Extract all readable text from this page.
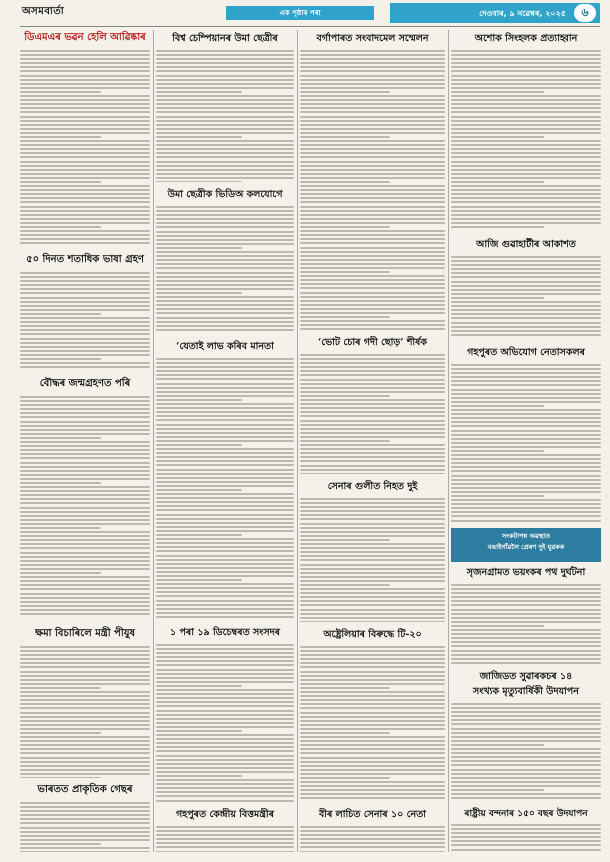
অসমবাৰ্তা	এক পৃষ্ঠাৰ পৰা	দেওবাৰ, ৯ নৱেম্বৰ, ২০২৫	৬
ডিএমএৰ ভৱন হেলি আৱিষ্কাৰ
৫০ দিনত শতাধিক ভাষা গ্ৰহণ
বৌদ্ধৰ জন্মগ্ৰহণত পৰি
ক্ষমা বিচাৰিলে মন্ত্ৰী পীযুষ
ভাৰতত প্ৰাকৃতিক গেছৰ
বিশ্ব চেম্পিয়ানৰ উমা ছেত্ৰীৰ
উমা ছেত্ৰীক ভিডিঅ কলযোগে
‘যেতাই লাভ কৰিব মানতা
১ পৰা ১৯ ডিচেম্বৰত সংসদৰ
গহপুৰত কেন্দ্ৰীয় বিত্তমন্ত্ৰীৰ
বৰ্গাপাৰত সংবাদমেল সম্মেলন
‘ভোট চোৰ গদী ছোড়’ শীৰ্ষক
সেনাৰ গুলীত নিহত দুই
অষ্ট্ৰেলিয়াৰ বিৰুদ্ধে টি-২০
বীৰ লাচিত সেনাৰ ১০ নেতা
অশোক সিংহলক প্ৰত্যাহ্বান
আজি গুৱাহাটীৰ আকাশত
গহপুৰত অভিযোগ নেতাসকলৰ
সংকটাপন্ন অৱস্থাত
বঙাইগাঁৱলৈ প্ৰেৰণ দুই যুৱকক
সৃজনগ্ৰামত ভয়ংকৰ পথ দুৰ্ঘটনা
জাজিডত সুৱাৰকচৰ ১৪
সংখ্যক মৃত্যুবাৰ্ষিকী উদযাপন
ৰাষ্ট্ৰীয় বন্দনাৰ ১৫০ বছৰ উদযাপন
